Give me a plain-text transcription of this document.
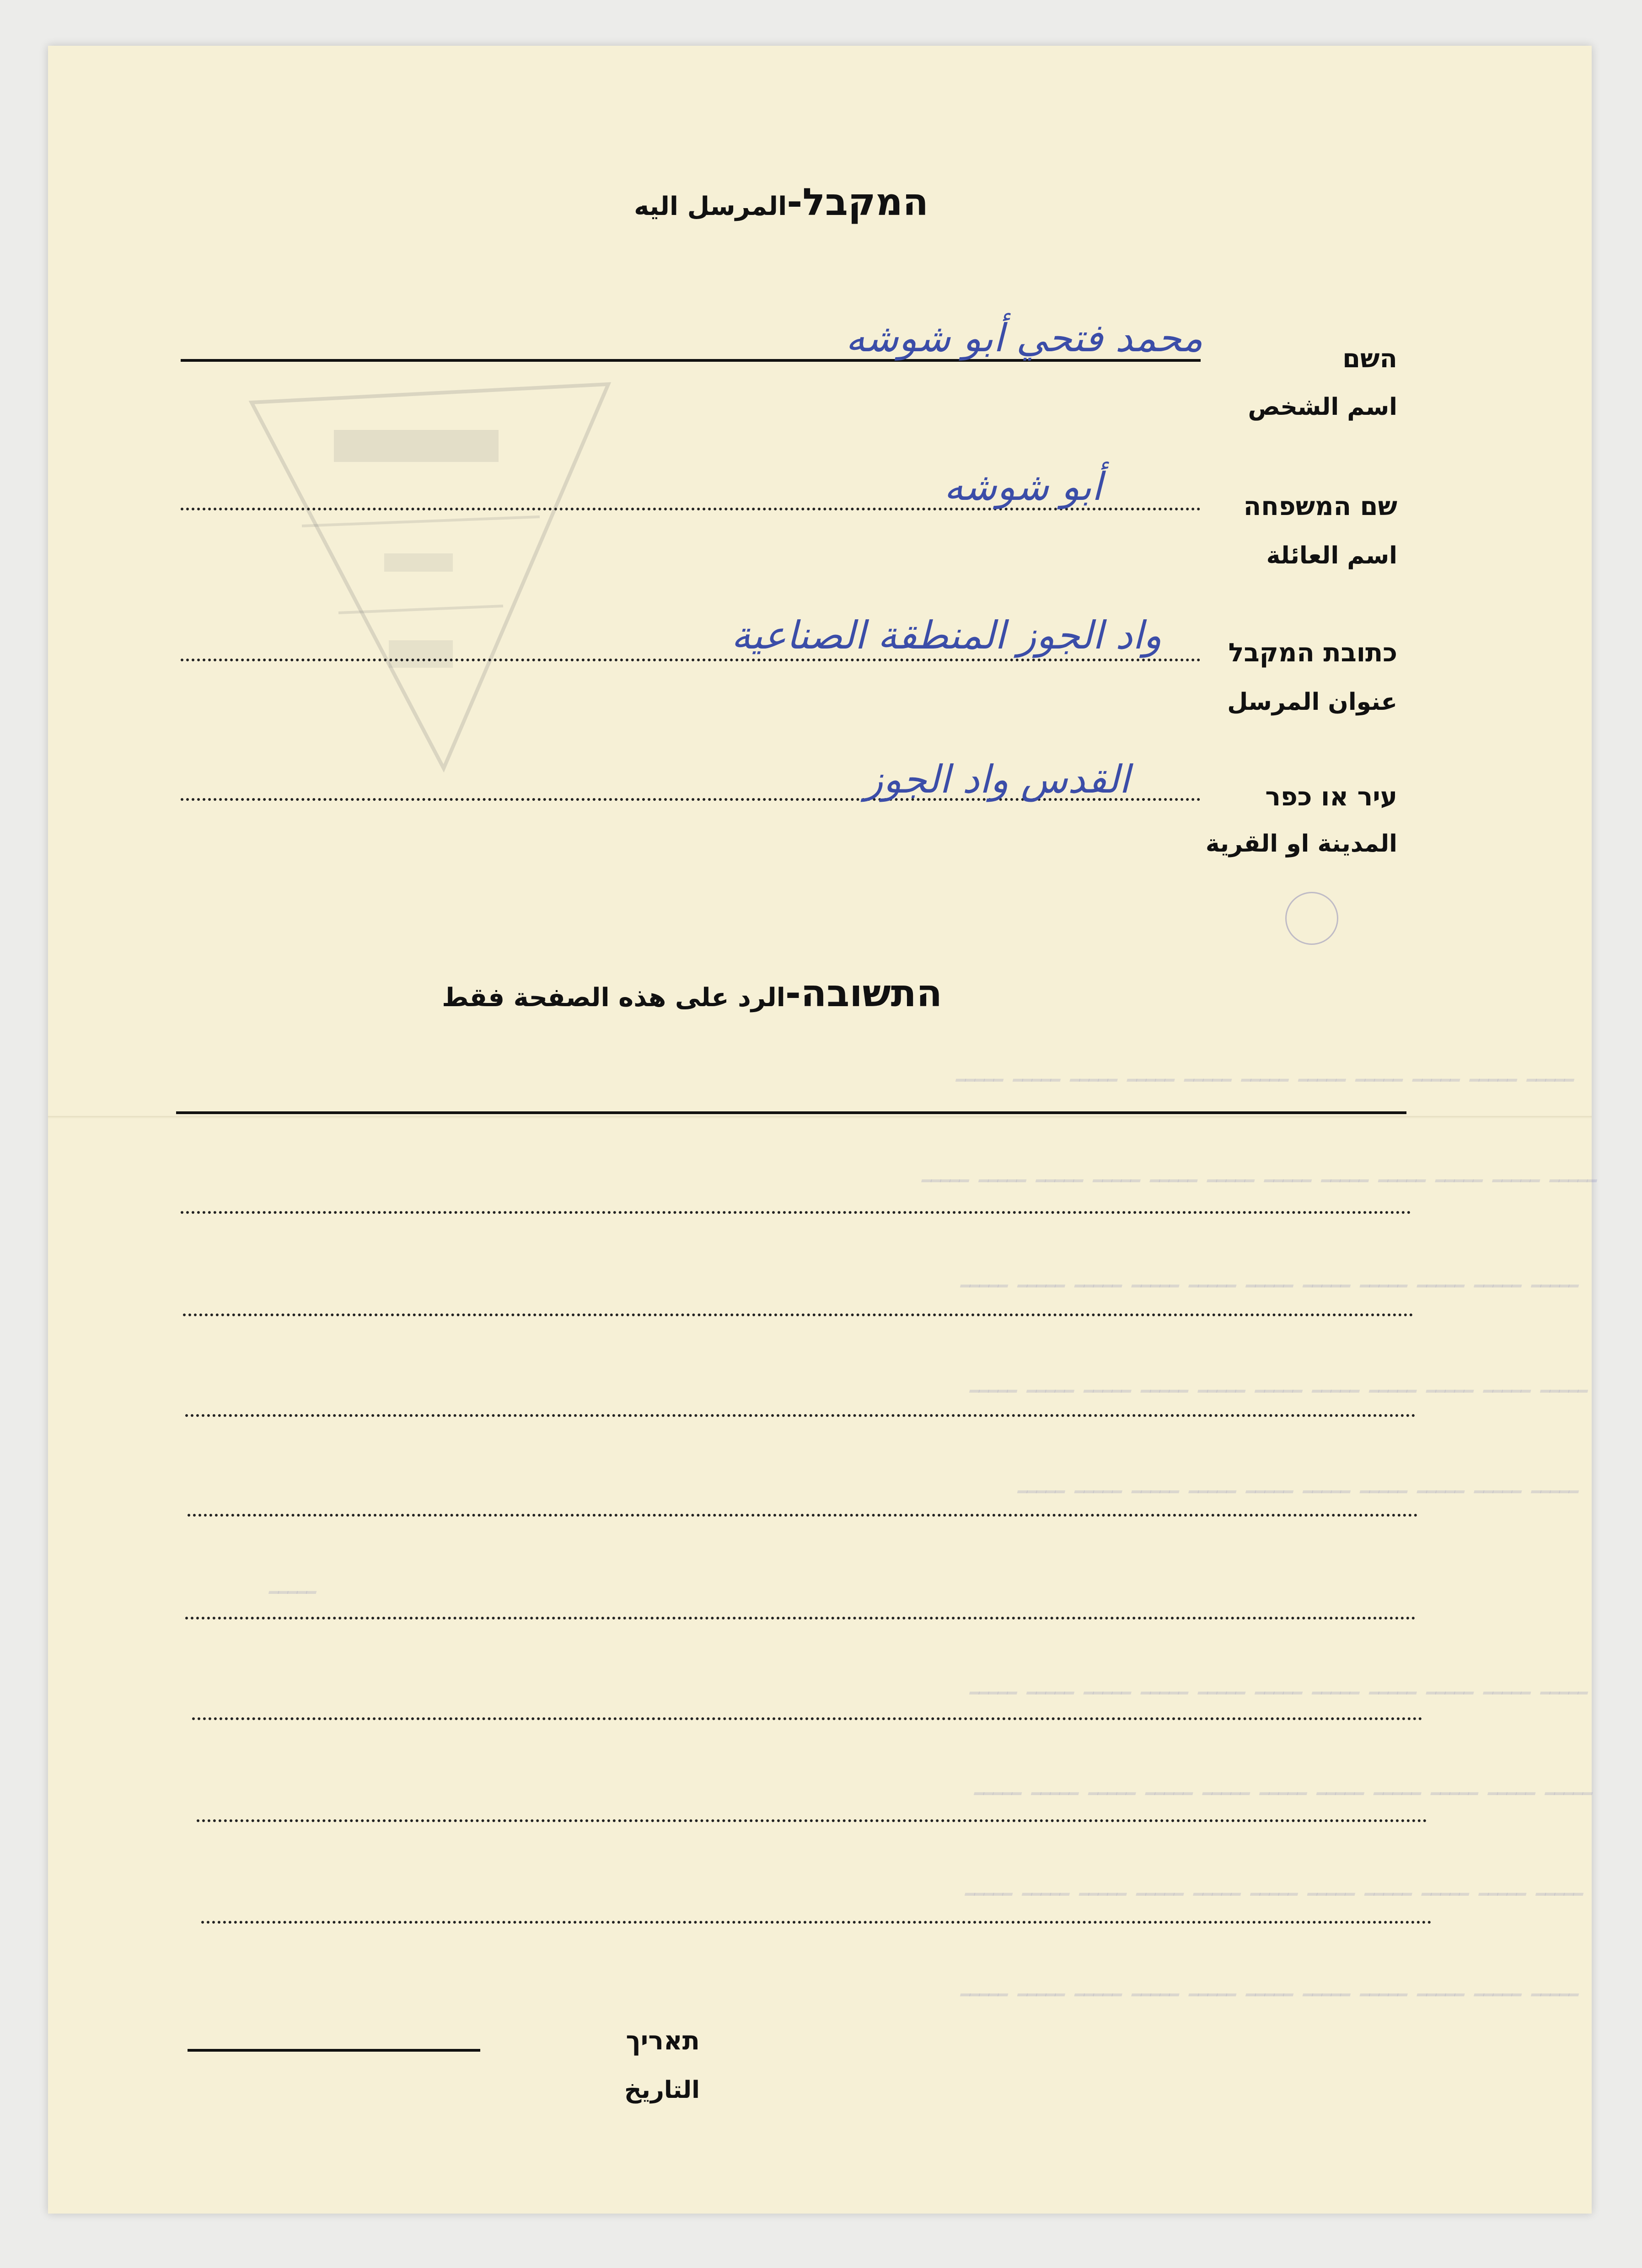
המקבל-المرسل اليه
השם
اسم الشخص
محمد فتحي أبو شوشه
שם המשפחה
اسم العائلة
أبو شوشه
כתובת המקבל
عنوان المرسل
واد الجوز المنطقة الصناعية
עיר או כפר
المدينة او القرية
القدس واد الجوز
התשובה-الرد على هذه الصفحة فقط
ـــــ ـــــ ـــــ ـــــ ـــــ ـــــ ـــــ ـــــ ـــــ ـــــ ـــــ
ـــــ ـــــ ـــــ ـــــ ـــــ ـــــ ـــــ ـــــ ـــــ ـــــ ـــــ ـــــ
ـــــ ـــــ ـــــ ـــــ ـــــ ـــــ ـــــ ـــــ ـــــ ـــــ ـــــ
ـــــ ـــــ ـــــ ـــــ ـــــ ـــــ ـــــ ـــــ ـــــ ـــــ ـــــ
ـــــ ـــــ ـــــ ـــــ ـــــ ـــــ ـــــ ـــــ ـــــ ـــــ
ـــــ
ـــــ ـــــ ـــــ ـــــ ـــــ ـــــ ـــــ ـــــ ـــــ ـــــ ـــــ
ـــــ ـــــ ـــــ ـــــ ـــــ ـــــ ـــــ ـــــ ـــــ ـــــ ـــــ
ـــــ ـــــ ـــــ ـــــ ـــــ ـــــ ـــــ ـــــ ـــــ ـــــ ـــــ
ـــــ ـــــ ـــــ ـــــ ـــــ ـــــ ـــــ ـــــ ـــــ ـــــ ـــــ
תאריך
التاريخ
